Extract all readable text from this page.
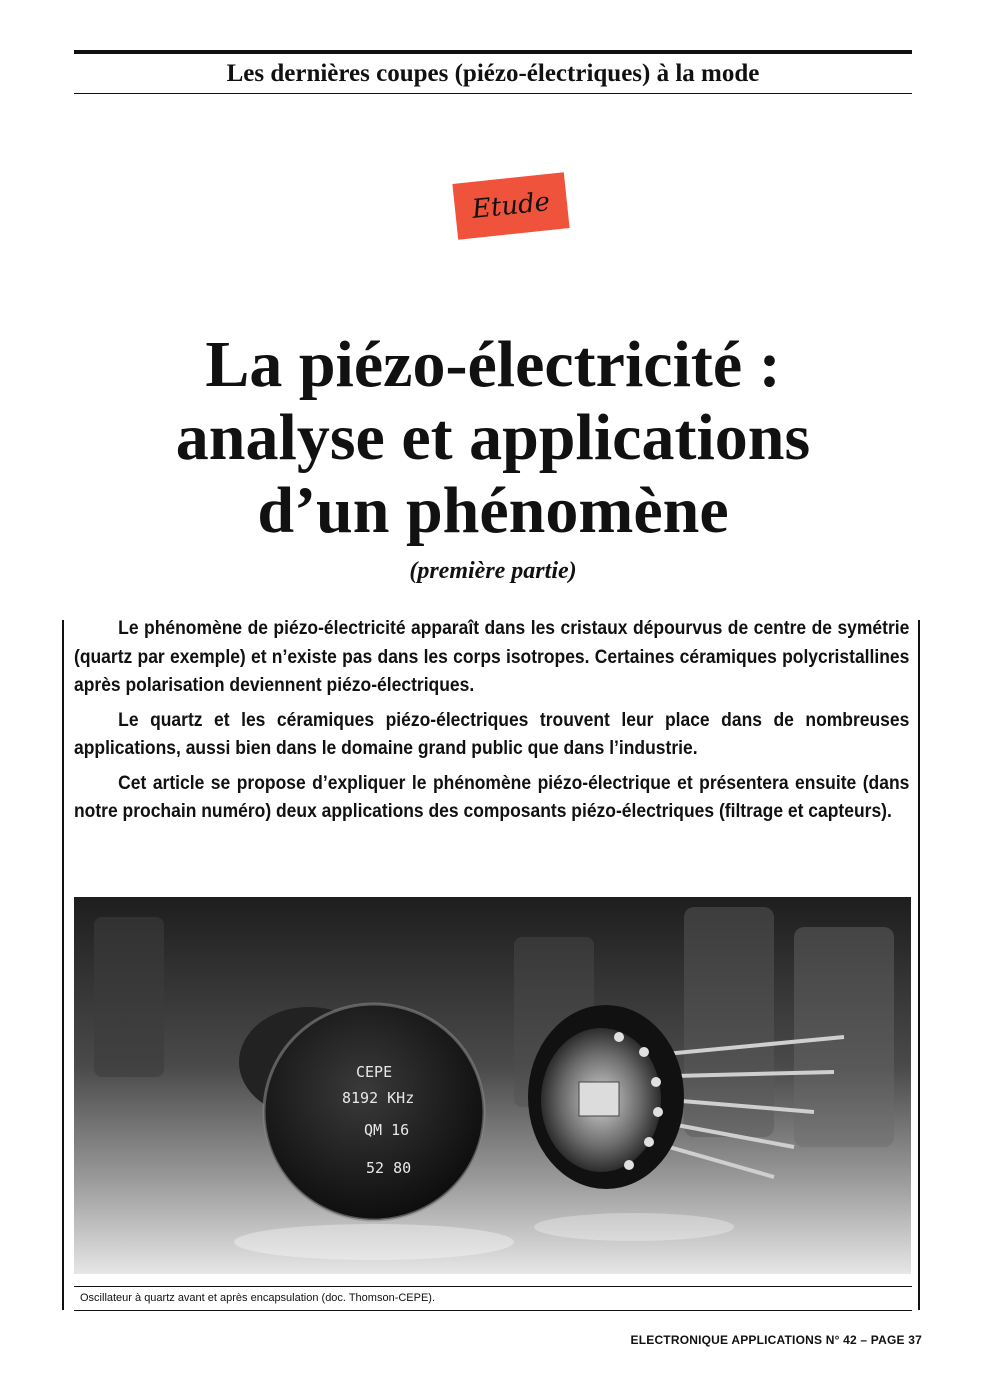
Les dernières coupes (piézo-électriques) à la mode
Etude
La piézo-électricité :
analyse et applications
d’un phénomène
(première partie)

Le phénomène de piézo-électricité apparaît dans les cristaux dépourvus de centre de symétrie (quartz par exemple) et n’existe pas dans les corps isotropes. Certaines céramiques polycristallines après polarisation deviennent piézo-électriques.

Le quartz et les céramiques piézo-électriques trouvent leur place dans de nombreuses applications, aussi bien dans le domaine grand public que dans l’industrie.

Cet article se propose d’expliquer le phénomène piézo-électrique et présentera ensuite (dans notre prochain numéro) deux applications des composants piézo-électriques (filtrage et capteurs).

CEPE
8192 KHz
QM 16
52 80
Oscillateur à quartz avant et après encapsulation (doc. Thomson-CEPE).
ELECTRONIQUE APPLICATIONS N° 42 – PAGE 37
